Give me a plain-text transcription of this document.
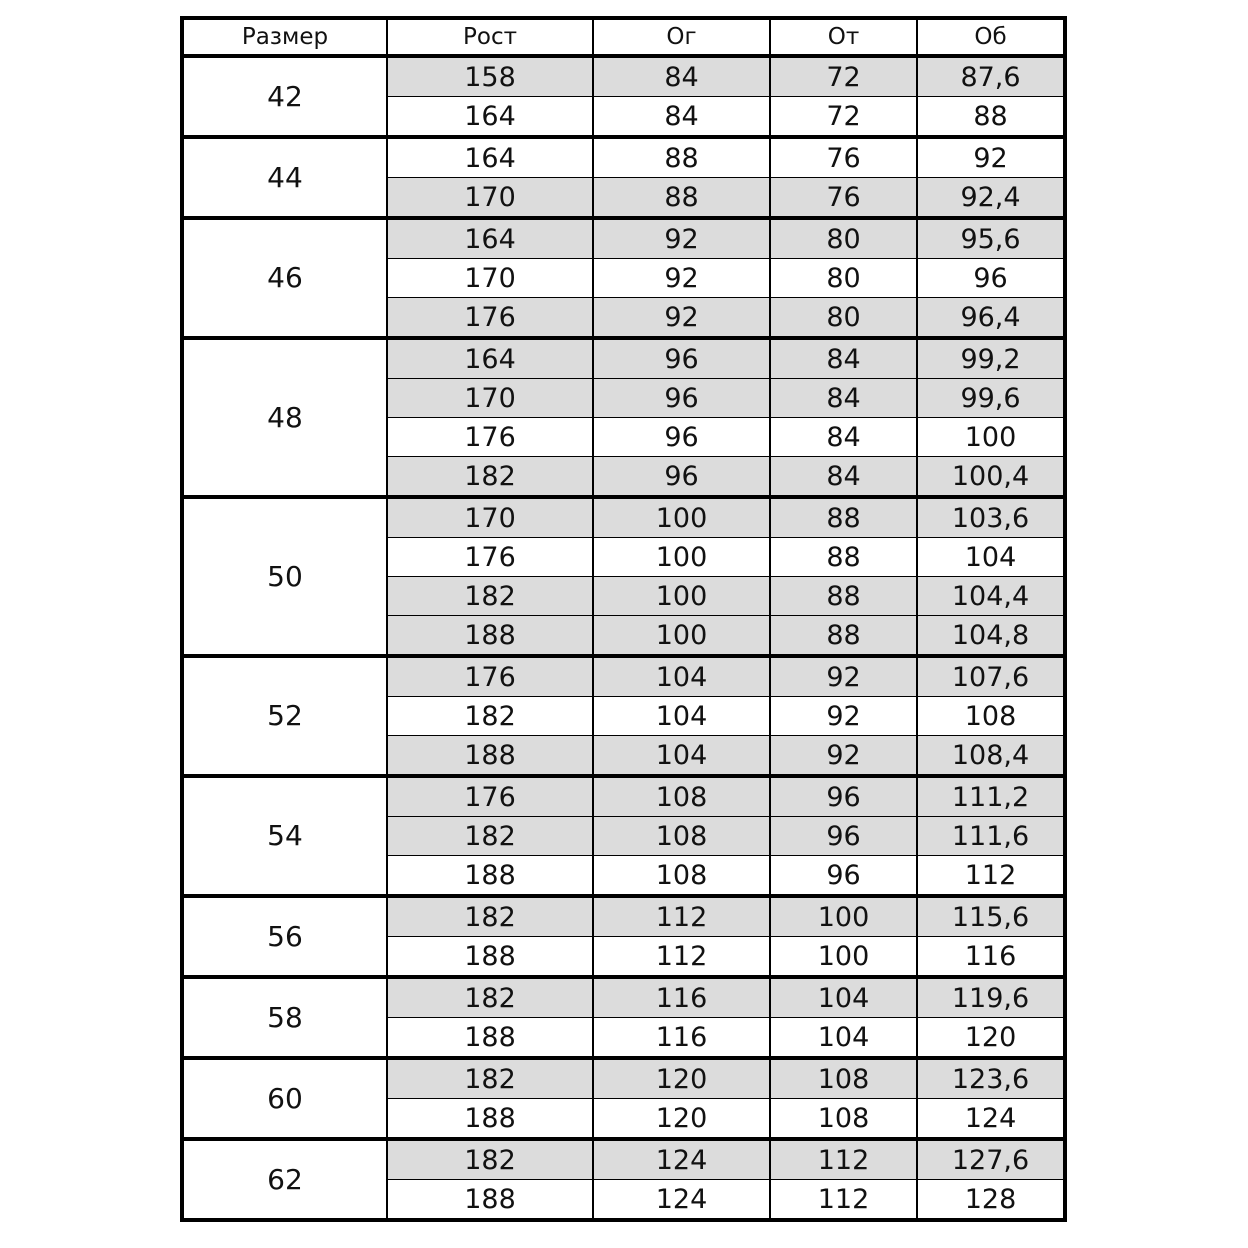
Размер	Рост	Ог	От	Об
42	158	84	72	87,6
	164	84	72	88
44	164	88	76	92
	170	88	76	92,4
46	164	92	80	95,6
	170	92	80	96
	176	92	80	96,4
48	164	96	84	99,2
	170	96	84	99,6
	176	96	84	100
	182	96	84	100,4
50	170	100	88	103,6
	176	100	88	104
	182	100	88	104,4
	188	100	88	104,8
52	176	104	92	107,6
	182	104	92	108
	188	104	92	108,4
54	176	108	96	111,2
	182	108	96	111,6
	188	108	96	112
56	182	112	100	115,6
	188	112	100	116
58	182	116	104	119,6
	188	116	104	120
60	182	120	108	123,6
	188	120	108	124
62	182	124	112	127,6
	188	124	112	128
